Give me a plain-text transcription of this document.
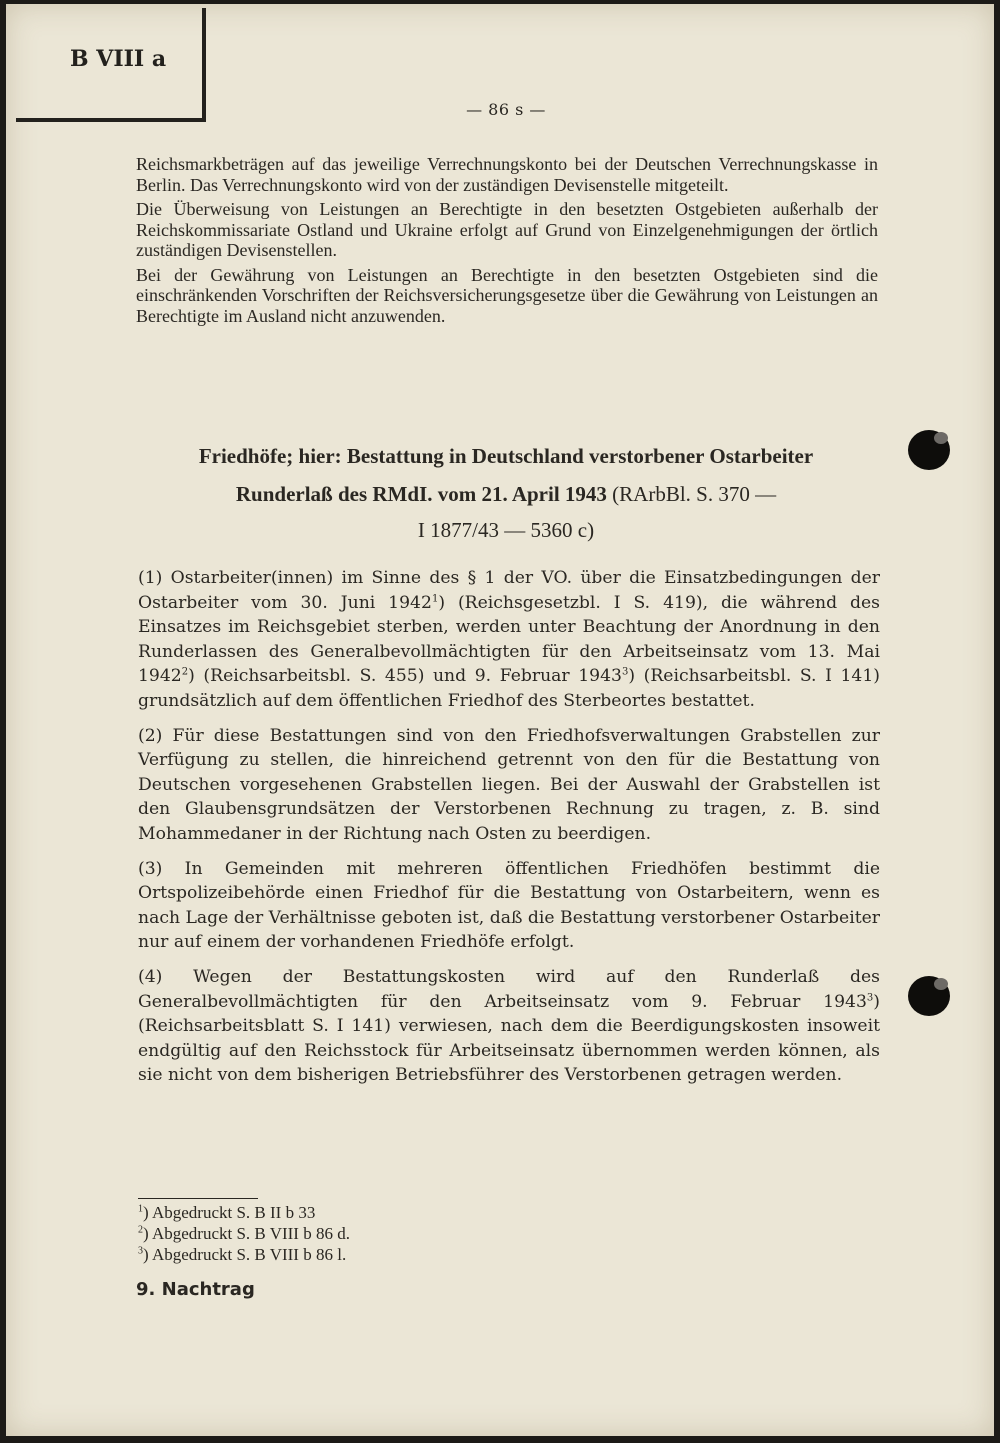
B VIII a
— 86 s —

Reichsmarkbeträgen auf das jeweilige Verrechnungskonto bei der Deutschen Verrechnungskasse in Berlin. Das Verrechnungskonto wird von der zuständigen Devisenstelle mitgeteilt.

Die Überweisung von Leistungen an Berechtigte in den besetzten Ostgebieten außerhalb der Reichskommissariate Ostland und Ukraine erfolgt auf Grund von Einzelgenehmigungen der örtlich zuständigen Devisenstellen.

Bei der Gewährung von Leistungen an Berechtigte in den besetzten Ostgebieten sind die einschränkenden Vorschriften der Reichsversicherungsgesetze über die Gewährung von Leistungen an Berechtigte im Ausland nicht anzuwenden.

Friedhöfe; hier: Bestattung in Deutschland verstorbener Ostarbeiter
Runderlaß des RMdI. vom 21. April 1943 (RArbBl. S. 370 —
I 1877/43 — 5360 c)

(1) Ostarbeiter(innen) im Sinne des § 1 der VO. über die Einsatzbedingungen der Ostarbeiter vom 30. Juni 1942$^1$) (Reichsgesetzbl. I S. 419), die während des Einsatzes im Reichsgebiet sterben, werden unter Beachtung der Anordnung in den Runderlassen des Generalbevollmächtigten für den Arbeitseinsatz vom 13. Mai 1942$^2$) (Reichsarbeitsbl. S. 455) und 9. Februar 1943$^3$) (Reichsarbeitsbl. S. I 141) grundsätzlich auf dem öffentlichen Friedhof des Sterbeortes bestattet.

(2) Für diese Bestattungen sind von den Friedhofsverwaltungen Grabstellen zur Verfügung zu stellen, die hinreichend getrennt von den für die Bestattung von Deutschen vorgesehenen Grabstellen liegen. Bei der Auswahl der Grabstellen ist den Glaubensgrundsätzen der Verstorbenen Rechnung zu tragen, z. B. sind Mohammedaner in der Richtung nach Osten zu beerdigen.

(3) In Gemeinden mit mehreren öffentlichen Friedhöfen bestimmt die Ortspolizeibehörde einen Friedhof für die Bestattung von Ostarbeitern, wenn es nach Lage der Verhältnisse geboten ist, daß die Bestattung verstorbener Ostarbeiter nur auf einem der vorhandenen Friedhöfe erfolgt.

(4) Wegen der Bestattungskosten wird auf den Runderlaß des Generalbevollmächtigten für den Arbeitseinsatz vom 9. Februar 1943$^3$) (Reichsarbeitsblatt S. I 141) verwiesen, nach dem die Beerdigungskosten insoweit endgültig auf den Reichsstock für Arbeitseinsatz übernommen werden können, als sie nicht von dem bisherigen Betriebsführer des Verstorbenen getragen werden.

$^1$) Abgedruckt S. B II b 33
$^2$) Abgedruckt S. B VIII b 86 d.
$^3$) Abgedruckt S. B VIII b 86 l.
9. Nachtrag
